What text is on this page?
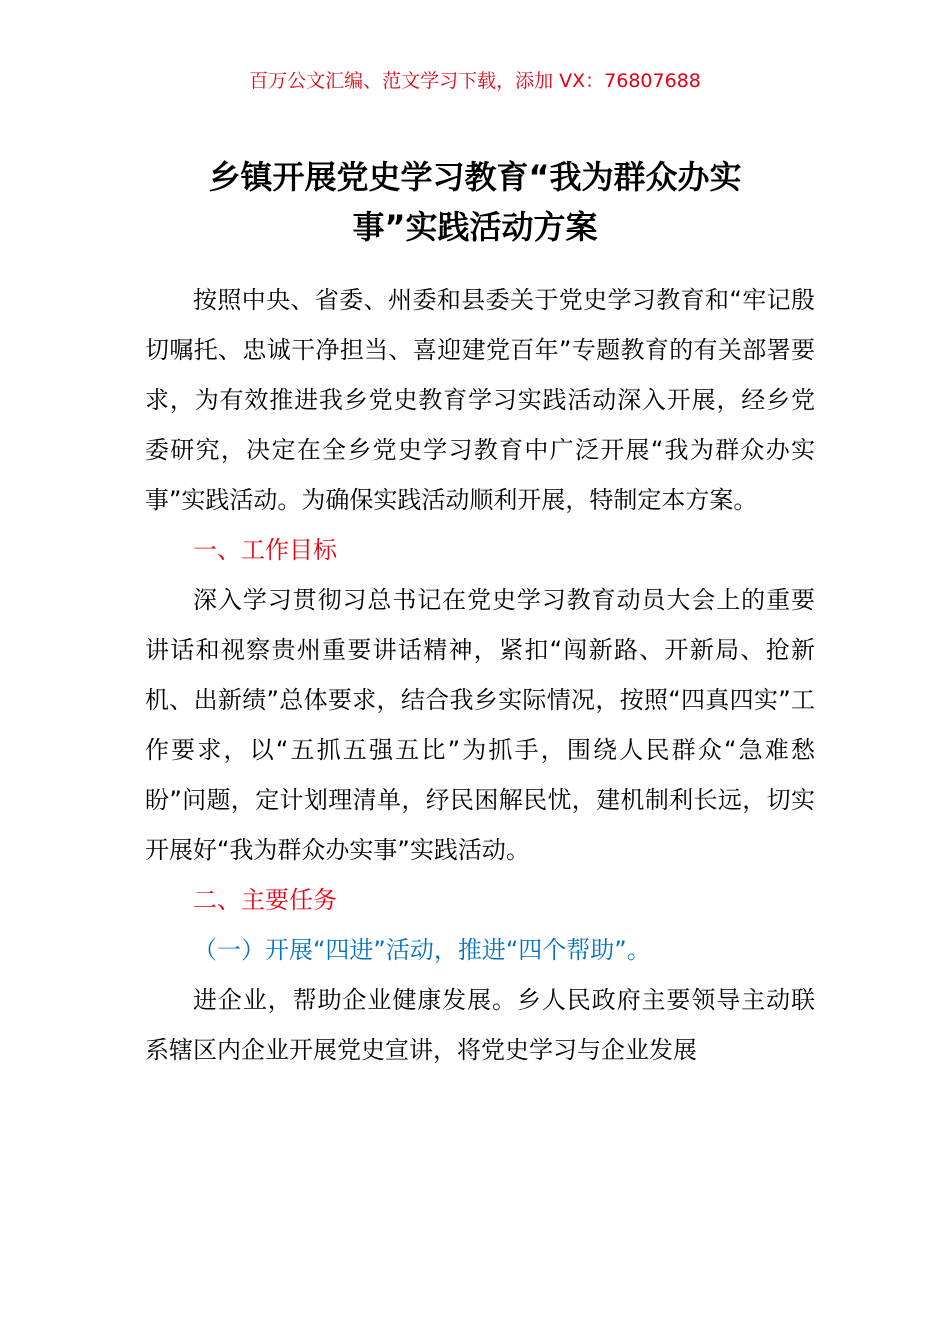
百万公文汇编、范文学习下载，添加 VX：76807688
乡镇开展党史学习教育“我为群众办实
事”实践活动方案

按照中央、省委、州委和县委关于党史学习教育和“牢记殷切嘱托、忠诚干净担当、喜迎建党百年”专题教育的有关部署要求，为有效推进我乡党史教育学习实践活动深入开展，经乡党委研究，决定在全乡党史学习教育中广泛开展“我为群众办实事”实践活动。为确保实践活动顺利开展，特制定本方案。

一、工作目标

深入学习贯彻习总书记在党史学习教育动员大会上的重要讲话和视察贵州重要讲话精神，紧扣“闯新路、开新局、抢新机、出新绩”总体要求，结合我乡实际情况，按照“四真四实”工作要求，以“五抓五强五比”为抓手，围绕人民群众“急难愁盼”问题，定计划理清单，纾民困解民忧，建机制利长远，切实开展好“我为群众办实事”实践活动。

二、主要任务

（一）开展“四进”活动，推进“四个帮助”。

进企业，帮助企业健康发展。乡人民政府主要领导主动联系辖区内企业开展党史宣讲，将党史学习与企业发展
